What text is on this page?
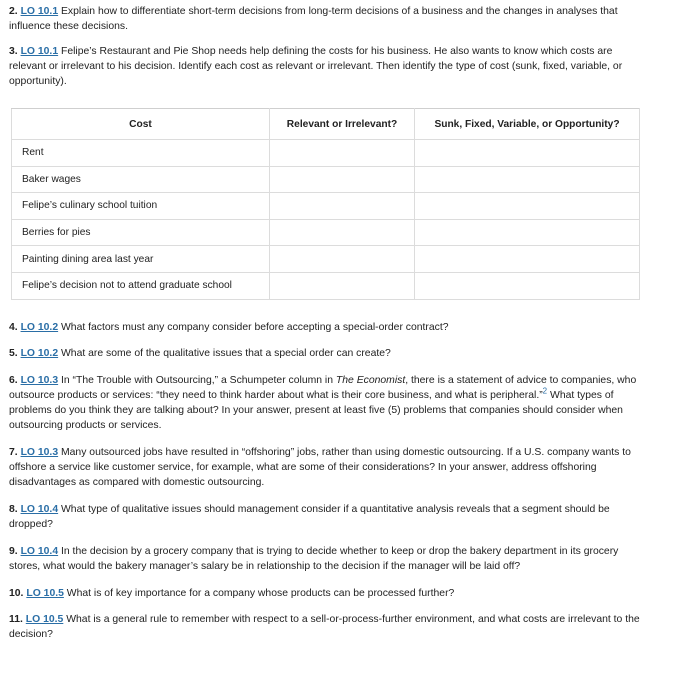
2. LO 10.1 Explain how to differentiate short-term decisions from long-term decisions of a business and the changes in analyses that influence these decisions.

3. LO 10.1 Felipe’s Restaurant and Pie Shop needs help defining the costs for his business. He also wants to know which costs are relevant or irrelevant to his decision. Identify each cost as relevant or irrelevant. Then identify the type of cost (sunk, fixed, variable, or opportunity).

Cost	Relevant or Irrelevant?	Sunk, Fixed, Variable, or Opportunity?
Rent		
Baker wages		
Felipe’s culinary school tuition		
Berries for pies		
Painting dining area last year		
Felipe’s decision not to attend graduate school		

4. LO 10.2 What factors must any company consider before accepting a special-order contract?

5. LO 10.2 What are some of the qualitative issues that a special order can create?

6. LO 10.3 In “The Trouble with Outsourcing,” a Schumpeter column in The Economist, there is a statement of advice to companies, who outsource products or services: “they need to think harder about what is their core business, and what is peripheral.”$^2$ What types of problems do you think they are talking about? In your answer, present at least five (5) problems that companies should consider when outsourcing products or services.

7. LO 10.3 Many outsourced jobs have resulted in “offshoring” jobs, rather than using domestic outsourcing. If a U.S. company wants to offshore a service like customer service, for example, what are some of their considerations? In your answer, address offshoring disadvantages as compared with domestic outsourcing.

8. LO 10.4 What type of qualitative issues should management consider if a quantitative analysis reveals that a segment should be dropped?

9. LO 10.4 In the decision by a grocery company that is trying to decide whether to keep or drop the bakery department in its grocery stores, what would the bakery manager’s salary be in relationship to the decision if the manager will be laid off?

10. LO 10.5 What is of key importance for a company whose products can be processed further?

11. LO 10.5 What is a general rule to remember with respect to a sell-or-process-further environment, and what costs are irrelevant to the decision?
